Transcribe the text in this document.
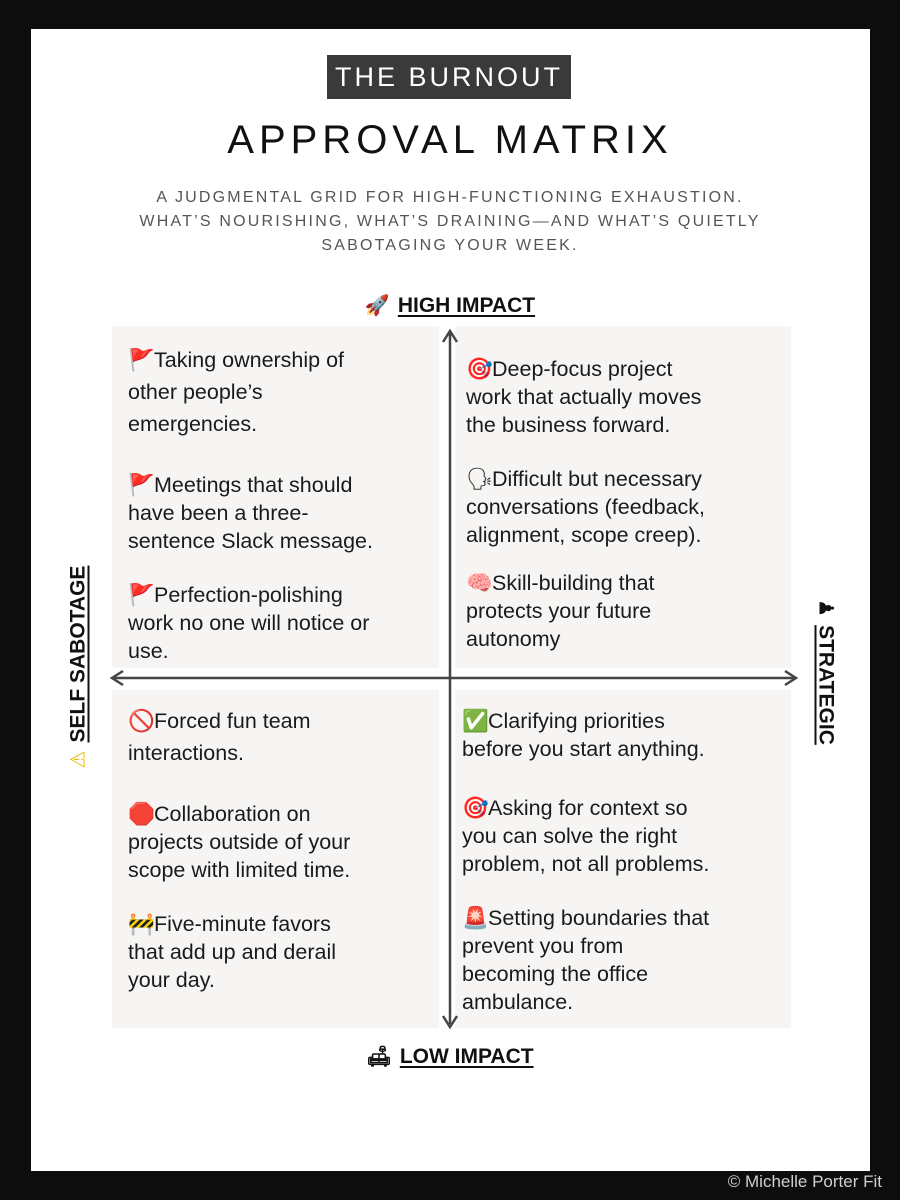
THE BURNOUT
APPROVAL MATRIX
A JUDGMENTAL GRID FOR HIGH-FUNCTIONING EXHAUSTION.
WHAT’S NOURISHING, WHAT’S DRAINING—AND WHAT’S QUIETLY
SABOTAGING YOUR WEEK.
🚀 HIGH IMPACT
🛋 LOW IMPACT
⚠
SELF SABOTAGE	♟
STRATEGIC
🚩Taking ownership of
other people’s
emergencies.
🚩Meetings that should
have been a three-
sentence Slack message.
🚩Perfection-polishing
work no one will notice or
use.
🎯Deep-focus project
work that actually moves
the business forward.
🗣Difficult but necessary
conversations (feedback,
alignment, scope creep).
🧠Skill-building that
protects your future
autonomy
🚫Forced fun team
interactions.
🛑Collaboration on
projects outside of your
scope with limited time.
🚧Five-minute favors
that add up and derail
your day.
✅Clarifying priorities
before you start anything.
🎯Asking for context so
you can solve the right
problem, not all problems.
🚨Setting boundaries that
prevent you from
becoming the office
ambulance.
© Michelle Porter Fit
